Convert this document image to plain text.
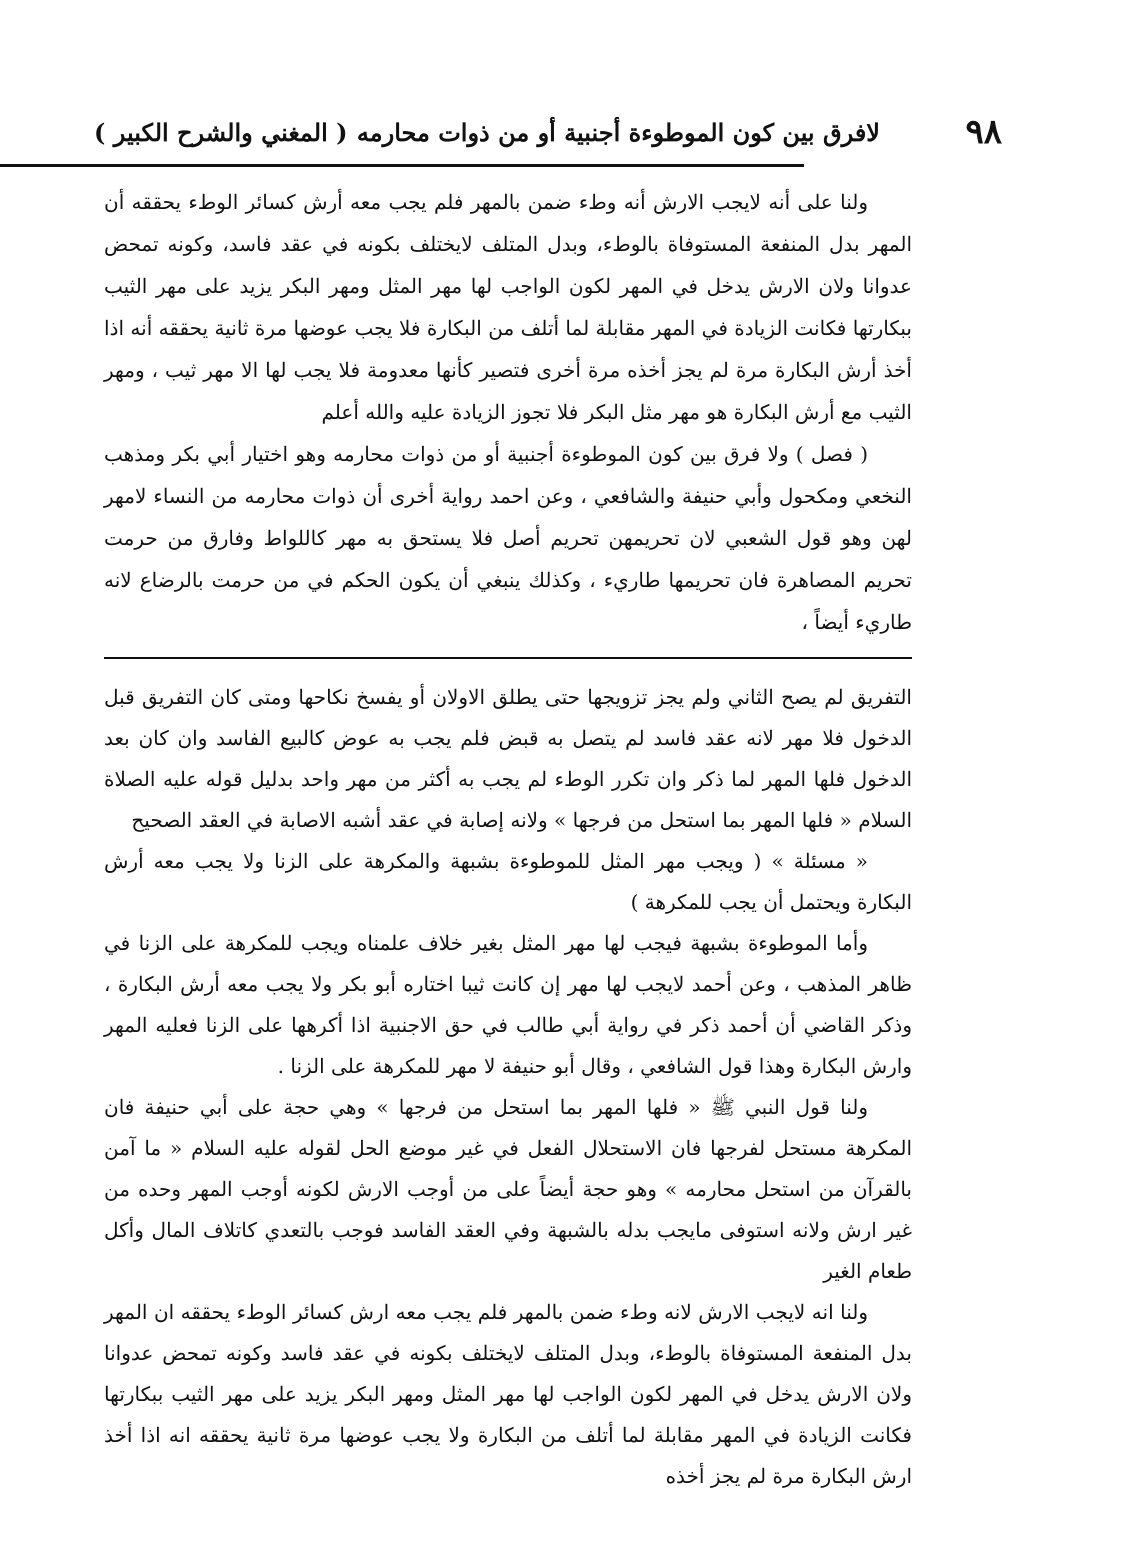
٩٨
لافرق بين كون الموطوءة أجنبية أو من ذوات محارمه
( المغني والشرح الكبير )

ولنا على أنه لايجب الارش أنه وطء ضمن بالمهر فلم يجب معه أرش كسائر الوطء يحققه أن المهر بدل المنفعة المستوفاة بالوطء، وبدل المتلف لايختلف بكونه في عقد فاسد، وكونه تمحض عدوانا ولان الارش يدخل في المهر لكون الواجب لها مهر المثل ومهر البكر يزيد على مهر الثيب ببكارتها فكانت الزيادة في المهر مقابلة لما أتلف من البكارة فلا يجب عوضها مرة ثانية يحققه أنه اذا أخذ أرش البكارة مرة لم يجز أخذه مرة أخرى فتصير كأنها معدومة فلا يجب لها الا مهر ثيب ، ومهر الثيب مع أرش البكارة هو مهر مثل البكر فلا تجوز الزيادة عليه والله أعلم

( فصل ) ولا فرق بين كون الموطوءة أجنبية أو من ذوات محارمه وهو اختيار أبي بكر ومذهب النخعي ومكحول وأبي حنيفة والشافعي ، وعن احمد رواية أخرى أن ذوات محارمه من النساء لامهر لهن وهو قول الشعبي لان تحريمهن تحريم أصل فلا يستحق به مهر كاللواط وفارق من حرمت تحريم المصاهرة فان تحريمها طاريء ، وكذلك ينبغي أن يكون الحكم في من حرمت بالرضاع لانه طاريء أيضاً ،

التفريق لم يصح الثاني ولم يجز تزويجها حتى يطلق الاولان أو يفسخ نكاحها ومتى كان التفريق قبل الدخول فلا مهر لانه عقد فاسد لم يتصل به قبض فلم يجب به عوض كالبيع الفاسد وان كان بعد الدخول فلها المهر لما ذكر وان تكرر الوطء لم يجب به أكثر من مهر واحد بدليل قوله عليه الصلاة السلام « فلها المهر بما استحل من فرجها » ولانه إصابة في عقد أشبه الاصابة في العقد الصحيح

« مسئلة » ( ويجب مهر المثل للموطوءة بشبهة والمكرهة على الزنا ولا يجب معه أرش البكارة ويحتمل أن يجب للمكرهة )

وأما الموطوءة بشبهة فيجب لها مهر المثل بغير خلاف علمناه ويجب للمكرهة على الزنا في ظاهر المذهب ، وعن أحمد لايجب لها مهر إن كانت ثيبا اختاره أبو بكر ولا يجب معه أرش البكارة ، وذكر القاضي أن أحمد ذكر في رواية أبي طالب في حق الاجنبية اذا أكرهها على الزنا فعليه المهر وارش البكارة وهذا قول الشافعي ، وقال أبو حنيفة لا مهر للمكرهة على الزنا .

ولنا قول النبي ﷺ « فلها المهر بما استحل من فرجها » وهي حجة على أبي حنيفة فان المكرهة مستحل لفرجها فان الاستحلال الفعل في غير موضع الحل لقوله عليه السلام « ما آمن بالقرآن من استحل محارمه » وهو حجة أيضاً على من أوجب الارش لكونه أوجب المهر وحده من غير ارش ولانه استوفى مايجب بدله بالشبهة وفي العقد الفاسد فوجب بالتعدي كاتلاف المال وأكل طعام الغير

ولنا انه لايجب الارش لانه وطء ضمن بالمهر فلم يجب معه ارش كسائر الوطء يحققه ان المهر بدل المنفعة المستوفاة بالوطء، وبدل المتلف لايختلف بكونه في عقد فاسد وكونه تمحض عدوانا ولان الارش يدخل في المهر لكون الواجب لها مهر المثل ومهر البكر يزيد على مهر الثيب ببكارتها فكانت الزيادة في المهر مقابلة لما أتلف من البكارة ولا يجب عوضها مرة ثانية يحققه انه اذا أخذ ارش البكارة مرة لم يجز أخذه
